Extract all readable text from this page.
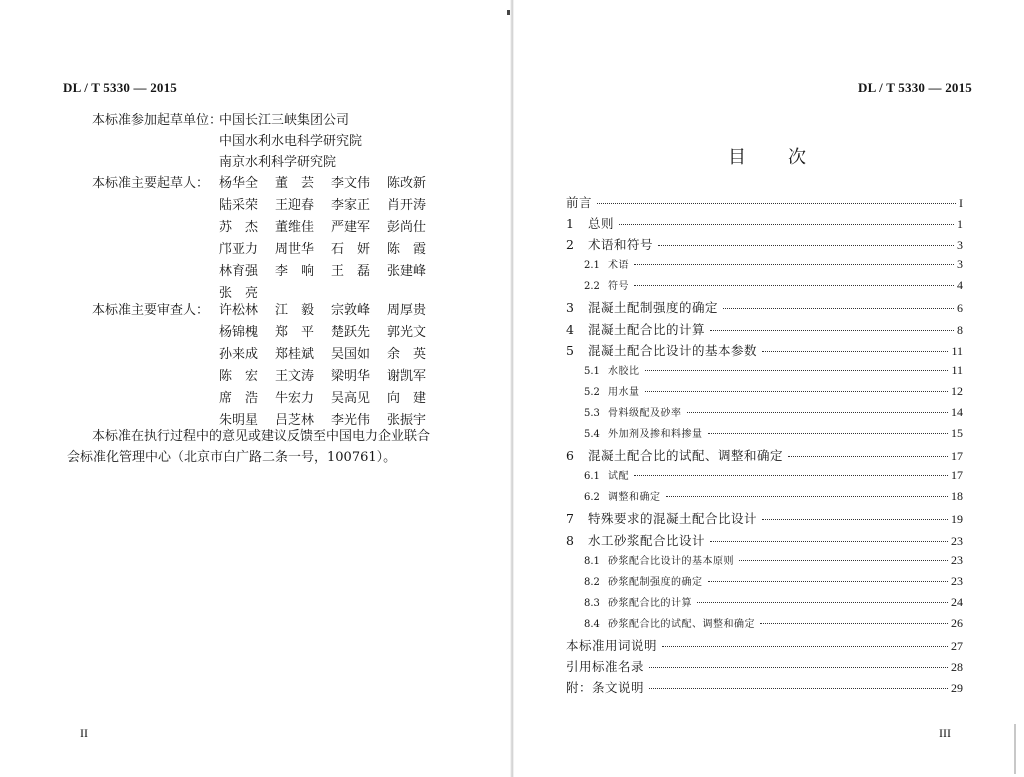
DL / T 5330 — 2015
本标准参加起草单位：
中国长江三峡集团公司
中国水利水电科学研究院
南京水利科学研究院
本标准主要起草人： 杨华全 董　芸 李文伟 陈改新
陆采荣 王迎春 李家正 肖开涛
苏　杰 董维佳 严建军 彭尚仕
邝亚力 周世华 石　妍 陈　霞
林育强 李　响 王　磊 张建峰
张　亮
本标准主要审查人： 许松林 江　毅 宗敦峰 周厚贵
杨锦槐 郑　平 楚跃先 郭光文
孙来成 郑桂斌 吴国如 余　英
陈　宏 王文涛 梁明华 谢凯军
席　浩 牛宏力 吴高见 向　建
朱明星 吕芝林 李光伟 张振宇
本标准在执行过程中的意见或建议反馈至中国电力企业联合
会标准化管理中心（北京市白广路二条一号，100761）。
II
DL / T 5330 — 2015
目次
前言	I
1	总则	1
2	术语和符号	3
2.1 术语	3
2.2 符号	4
3	混凝土配制强度的确定	6
4	混凝土配合比的计算	8
5	混凝土配合比设计的基本参数	11
5.1 水胶比	11
5.2 用水量	12
5.3 骨料级配及砂率	14
5.4 外加剂及掺和料掺量	15
6	混凝土配合比的试配、调整和确定	17
6.1 试配	17
6.2 调整和确定	18
7	特殊要求的混凝土配合比设计	19
8	水工砂浆配合比设计	23
8.1 砂浆配合比设计的基本原则	23
8.2 砂浆配制强度的确定	23
8.3 砂浆配合比的计算	24
8.4 砂浆配合比的试配、调整和确定	26
本标准用词说明	27
引用标准名录	28
附：条文说明	29
III
